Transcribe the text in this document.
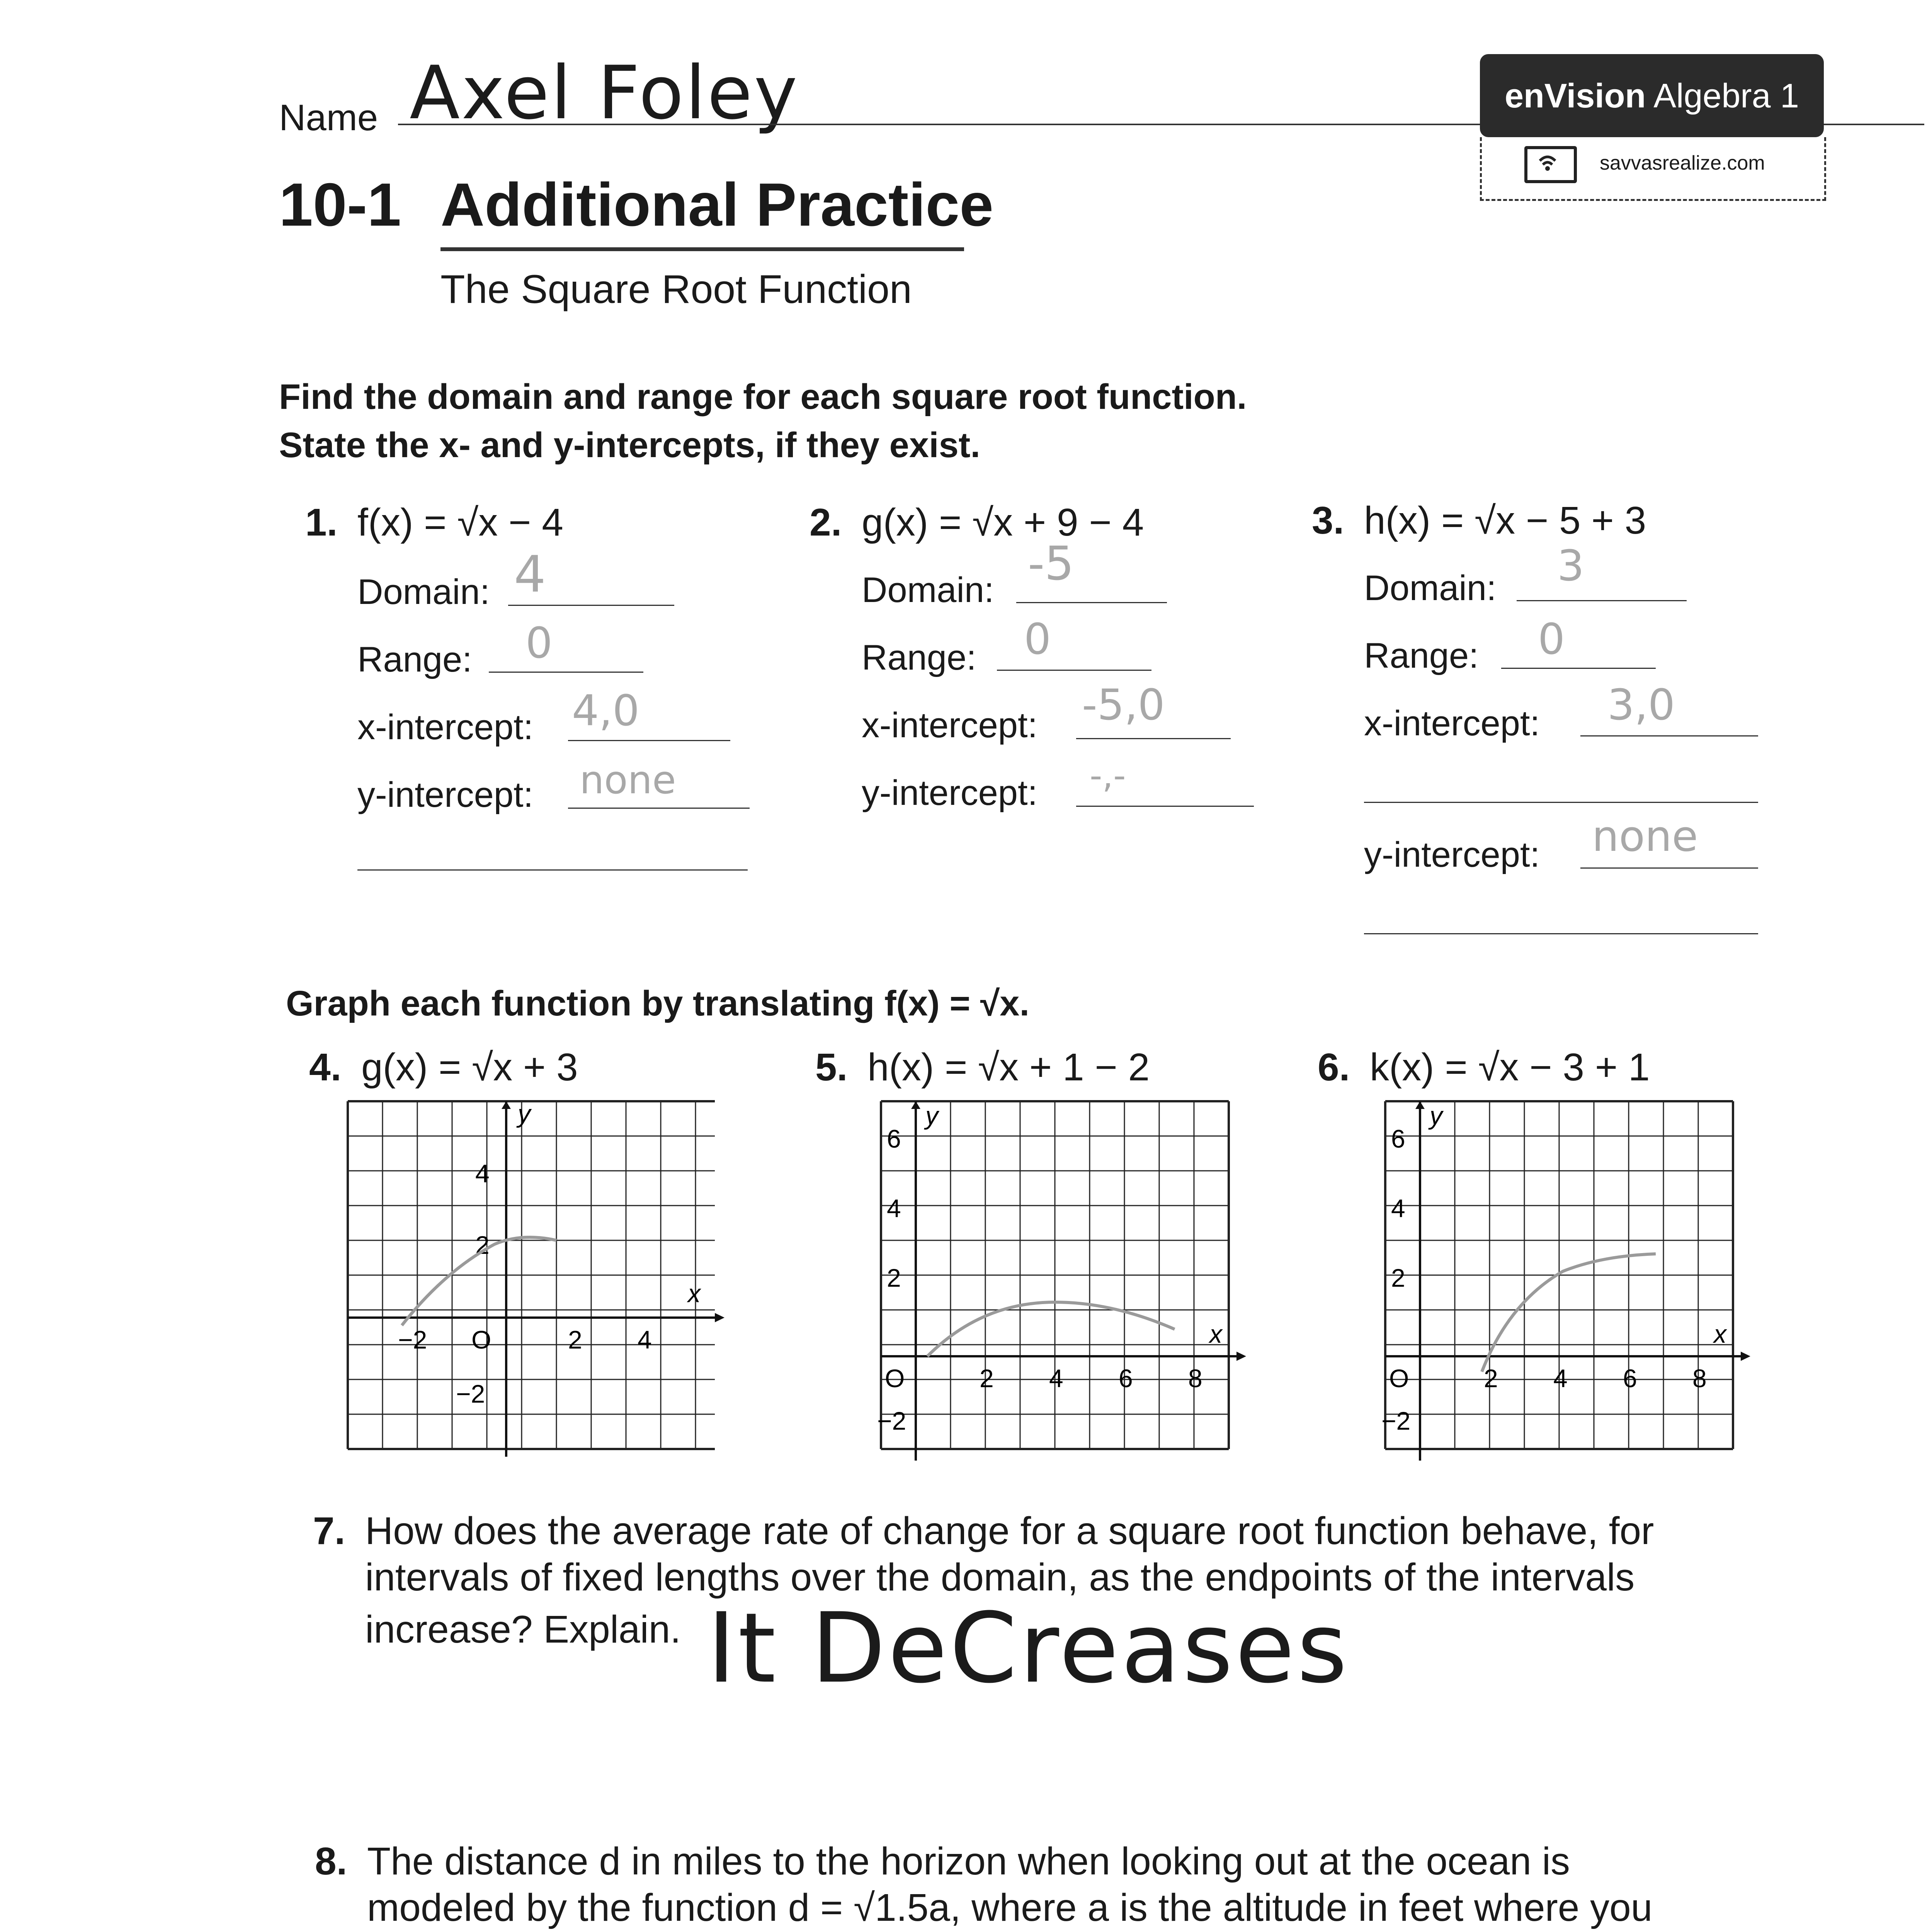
Name Axel Foley	enVision Algebra 1
savvasrealize.com
10-1 Additional Practice
The Square Root Function
Find the domain and range for each square root function.
State the x- and y-intercepts, if they exist.
1. f(x) = √x − 4
Domain: 4
Range: 0
x-intercept: 4,0
y-intercept: none
2. g(x) = √x + 9 − 4
Domain: -5
Range: 0
x-intercept: -5,0
y-intercept: -,-
3. h(x) = √x − 5 + 3
Domain: 3
Range: 0
x-intercept: 3,0
y-intercept: none
Graph each function by translating f(x) = √x.
4. g(x) = √x + 3	5. h(x) = √x + 1 − 2	6. k(x) = √x − 3 + 1
y
x
4
2
−2
−2 O	2 4
y
x
6
4
2
−2
O	2 4 6 8
y
x
6
4
2
−2
O	2 4 6 8
7. How does the average rate of change for a square root function behave, for
intervals of fixed lengths over the domain, as the endpoints of the intervals
increase? Explain. It DeCreases
8. The distance d in miles to the horizon when looking out at the ocean is
modeled by the function d = √1.5a, where a is the altitude in feet where you
